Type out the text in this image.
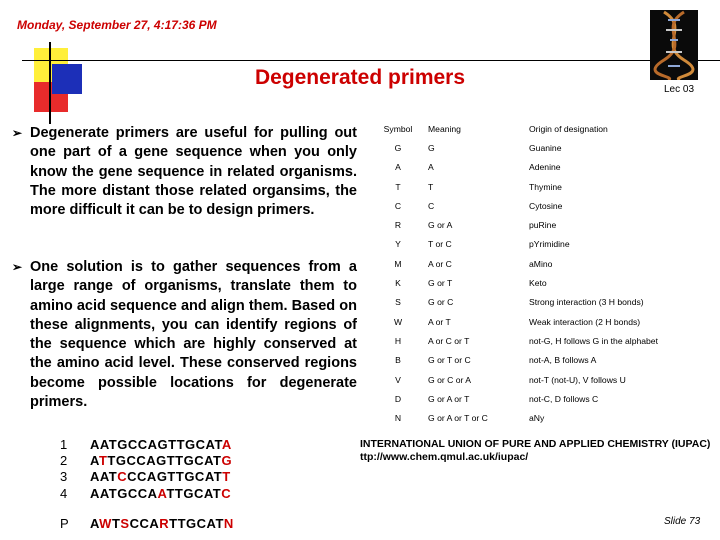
Monday, September 27, 4:17:36 PM
Degenerated primers
Lec 03
➢ Degenerate primers are useful for pulling out one part of a gene sequence when you only know the gene sequence in related organisms. The more distant those related organsims, the more difficult it can be to design primers.
➢ One solution is to gather sequences from a large range of organisms, translate them to amino acid sequence and align them. Based on these alignments, you can identify regions of the sequence which are highly conserved at the amino acid level. These conserved regions become possible locations for degenerate primers.
Symbol	Meaning	Origin of designation
G	G	Guanine
A	A	Adenine
T	T	Thymine
C	C	Cytosine
R	G or A	puRine
Y	T or C	pYrimidine
M	A or C	aMino
K	G or T	Keto
S	G or C	Strong interaction (3 H bonds)
W	A or T	Weak interaction (2 H bonds)
H	A or C or T	not-G, H follows G in the alphabet
B	G or T or C	not-A, B follows A
V	G or C or A	not-T (not-U), V follows U
D	G or A or T	not-C, D follows C
N	G or A or T or C	aNy
1 AATGCCAGTTGCATA
2 ATTGCCAGTTGCATG
3 AATCCCAGTTGCATT
4 AATGCCAATTGCATC
P AWTSCCARTTGCATN
INTERNATIONAL UNION OF PURE AND APPLIED CHEMISTRY (IUPAC) ttp://www.chem.qmul.ac.uk/iupac/
Slide 73
